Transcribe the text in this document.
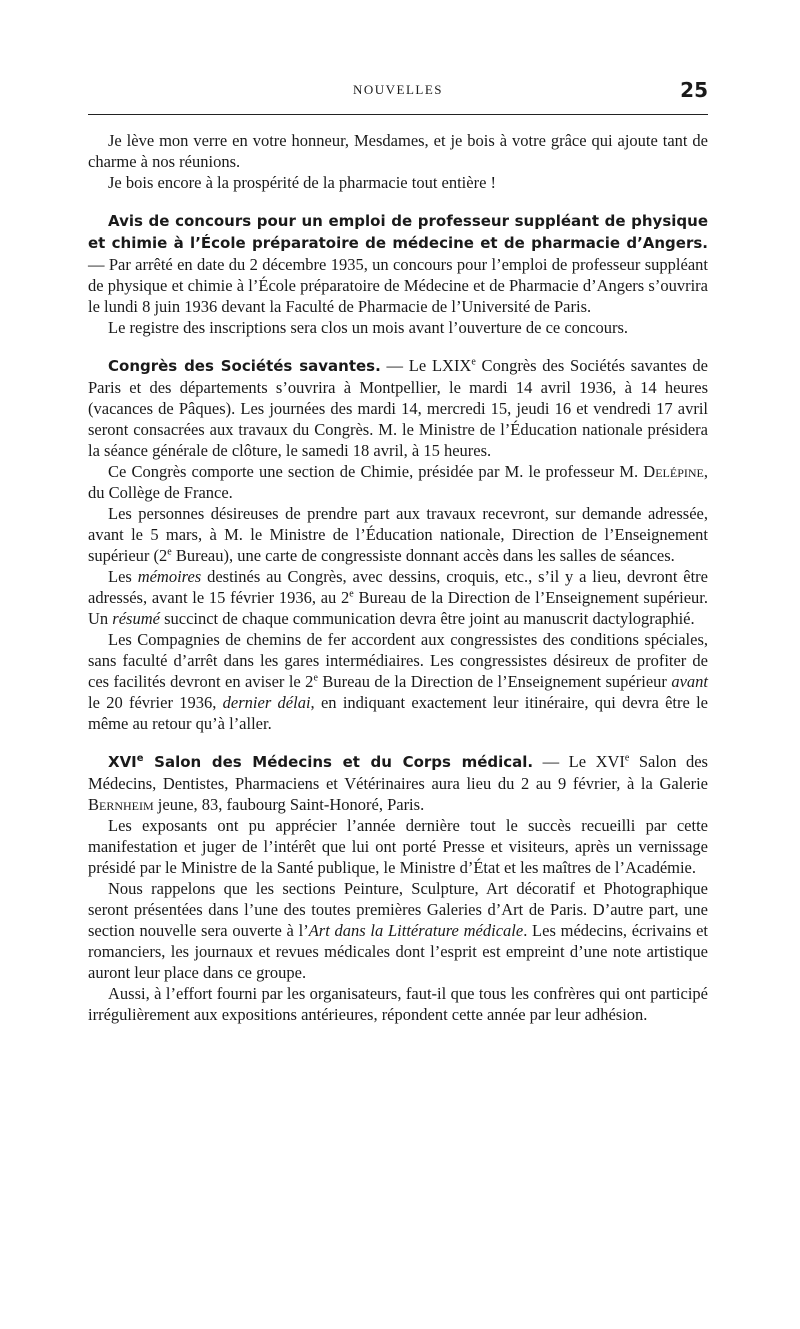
NOUVELLES	25

Je lève mon verre en votre honneur, Mesdames, et je bois à votre grâce qui ajoute tant de charme à nos réunions.

Je bois encore à la prospérité de la pharmacie tout entière !

Avis de concours pour un emploi de professeur suppléant de physique et chimie à l’École préparatoire de médecine et de pharmacie d’Angers. — Par arrêté en date du 2 décembre 1935, un concours pour l’emploi de professeur suppléant de physique et chimie à l’École préparatoire de Médecine et de Pharmacie d’Angers s’ouvrira le lundi 8 juin 1936 devant la Faculté de Pharmacie de l’Université de Paris.

Le registre des inscriptions sera clos un mois avant l’ouverture de ce concours.

Congrès des Sociétés savantes. — Le LXIXe Congrès des Sociétés savantes de Paris et des départements s’ouvrira à Montpellier, le mardi 14 avril 1936, à 14 heures (vacances de Pâques). Les journées des mardi 14, mercredi 15, jeudi 16 et vendredi 17 avril seront consacrées aux travaux du Congrès. M. le Ministre de l’Éducation nationale présidera la séance générale de clôture, le samedi 18 avril, à 15 heures.

Ce Congrès comporte une section de Chimie, présidée par M. le professeur M. Delépine, du Collège de France.

Les personnes désireuses de prendre part aux travaux recevront, sur demande adressée, avant le 5 mars, à M. le Ministre de l’Éducation nationale, Direction de l’Enseignement supérieur (2e Bureau), une carte de congressiste donnant accès dans les salles de séances.

Les mémoires destinés au Congrès, avec dessins, croquis, etc., s’il y a lieu, devront être adressés, avant le 15 février 1936, au 2e Bureau de la Direction de l’Enseignement supérieur. Un résumé succinct de chaque communication devra être joint au manuscrit dactylographié.

Les Compagnies de chemins de fer accordent aux congressistes des conditions spéciales, sans faculté d’arrêt dans les gares intermédiaires. Les congressistes désireux de profiter de ces facilités devront en aviser le 2e Bureau de la Direction de l’Enseignement supérieur avant le 20 février 1936, dernier délai, en indiquant exactement leur itinéraire, qui devra être le même au retour qu’à l’aller.

XVIe Salon des Médecins et du Corps médical. — Le XVIe Salon des Médecins, Dentistes, Pharmaciens et Vétérinaires aura lieu du 2 au 9 février, à la Galerie Bernheim jeune, 83, faubourg Saint-Honoré, Paris.

Les exposants ont pu apprécier l’année dernière tout le succès recueilli par cette manifestation et juger de l’intérêt que lui ont porté Presse et visiteurs, après un vernissage présidé par le Ministre de la Santé publique, le Ministre d’État et les maîtres de l’Académie.

Nous rappelons que les sections Peinture, Sculpture, Art décoratif et Photographique seront présentées dans l’une des toutes premières Galeries d’Art de Paris. D’autre part, une section nouvelle sera ouverte à l’Art dans la Littérature médicale. Les médecins, écrivains et romanciers, les journaux et revues médicales dont l’esprit est empreint d’une note artistique auront leur place dans ce groupe.

Aussi, à l’effort fourni par les organisateurs, faut-il que tous les confrères qui ont participé irrégulièrement aux expositions antérieures, répondent cette année par leur adhésion.
